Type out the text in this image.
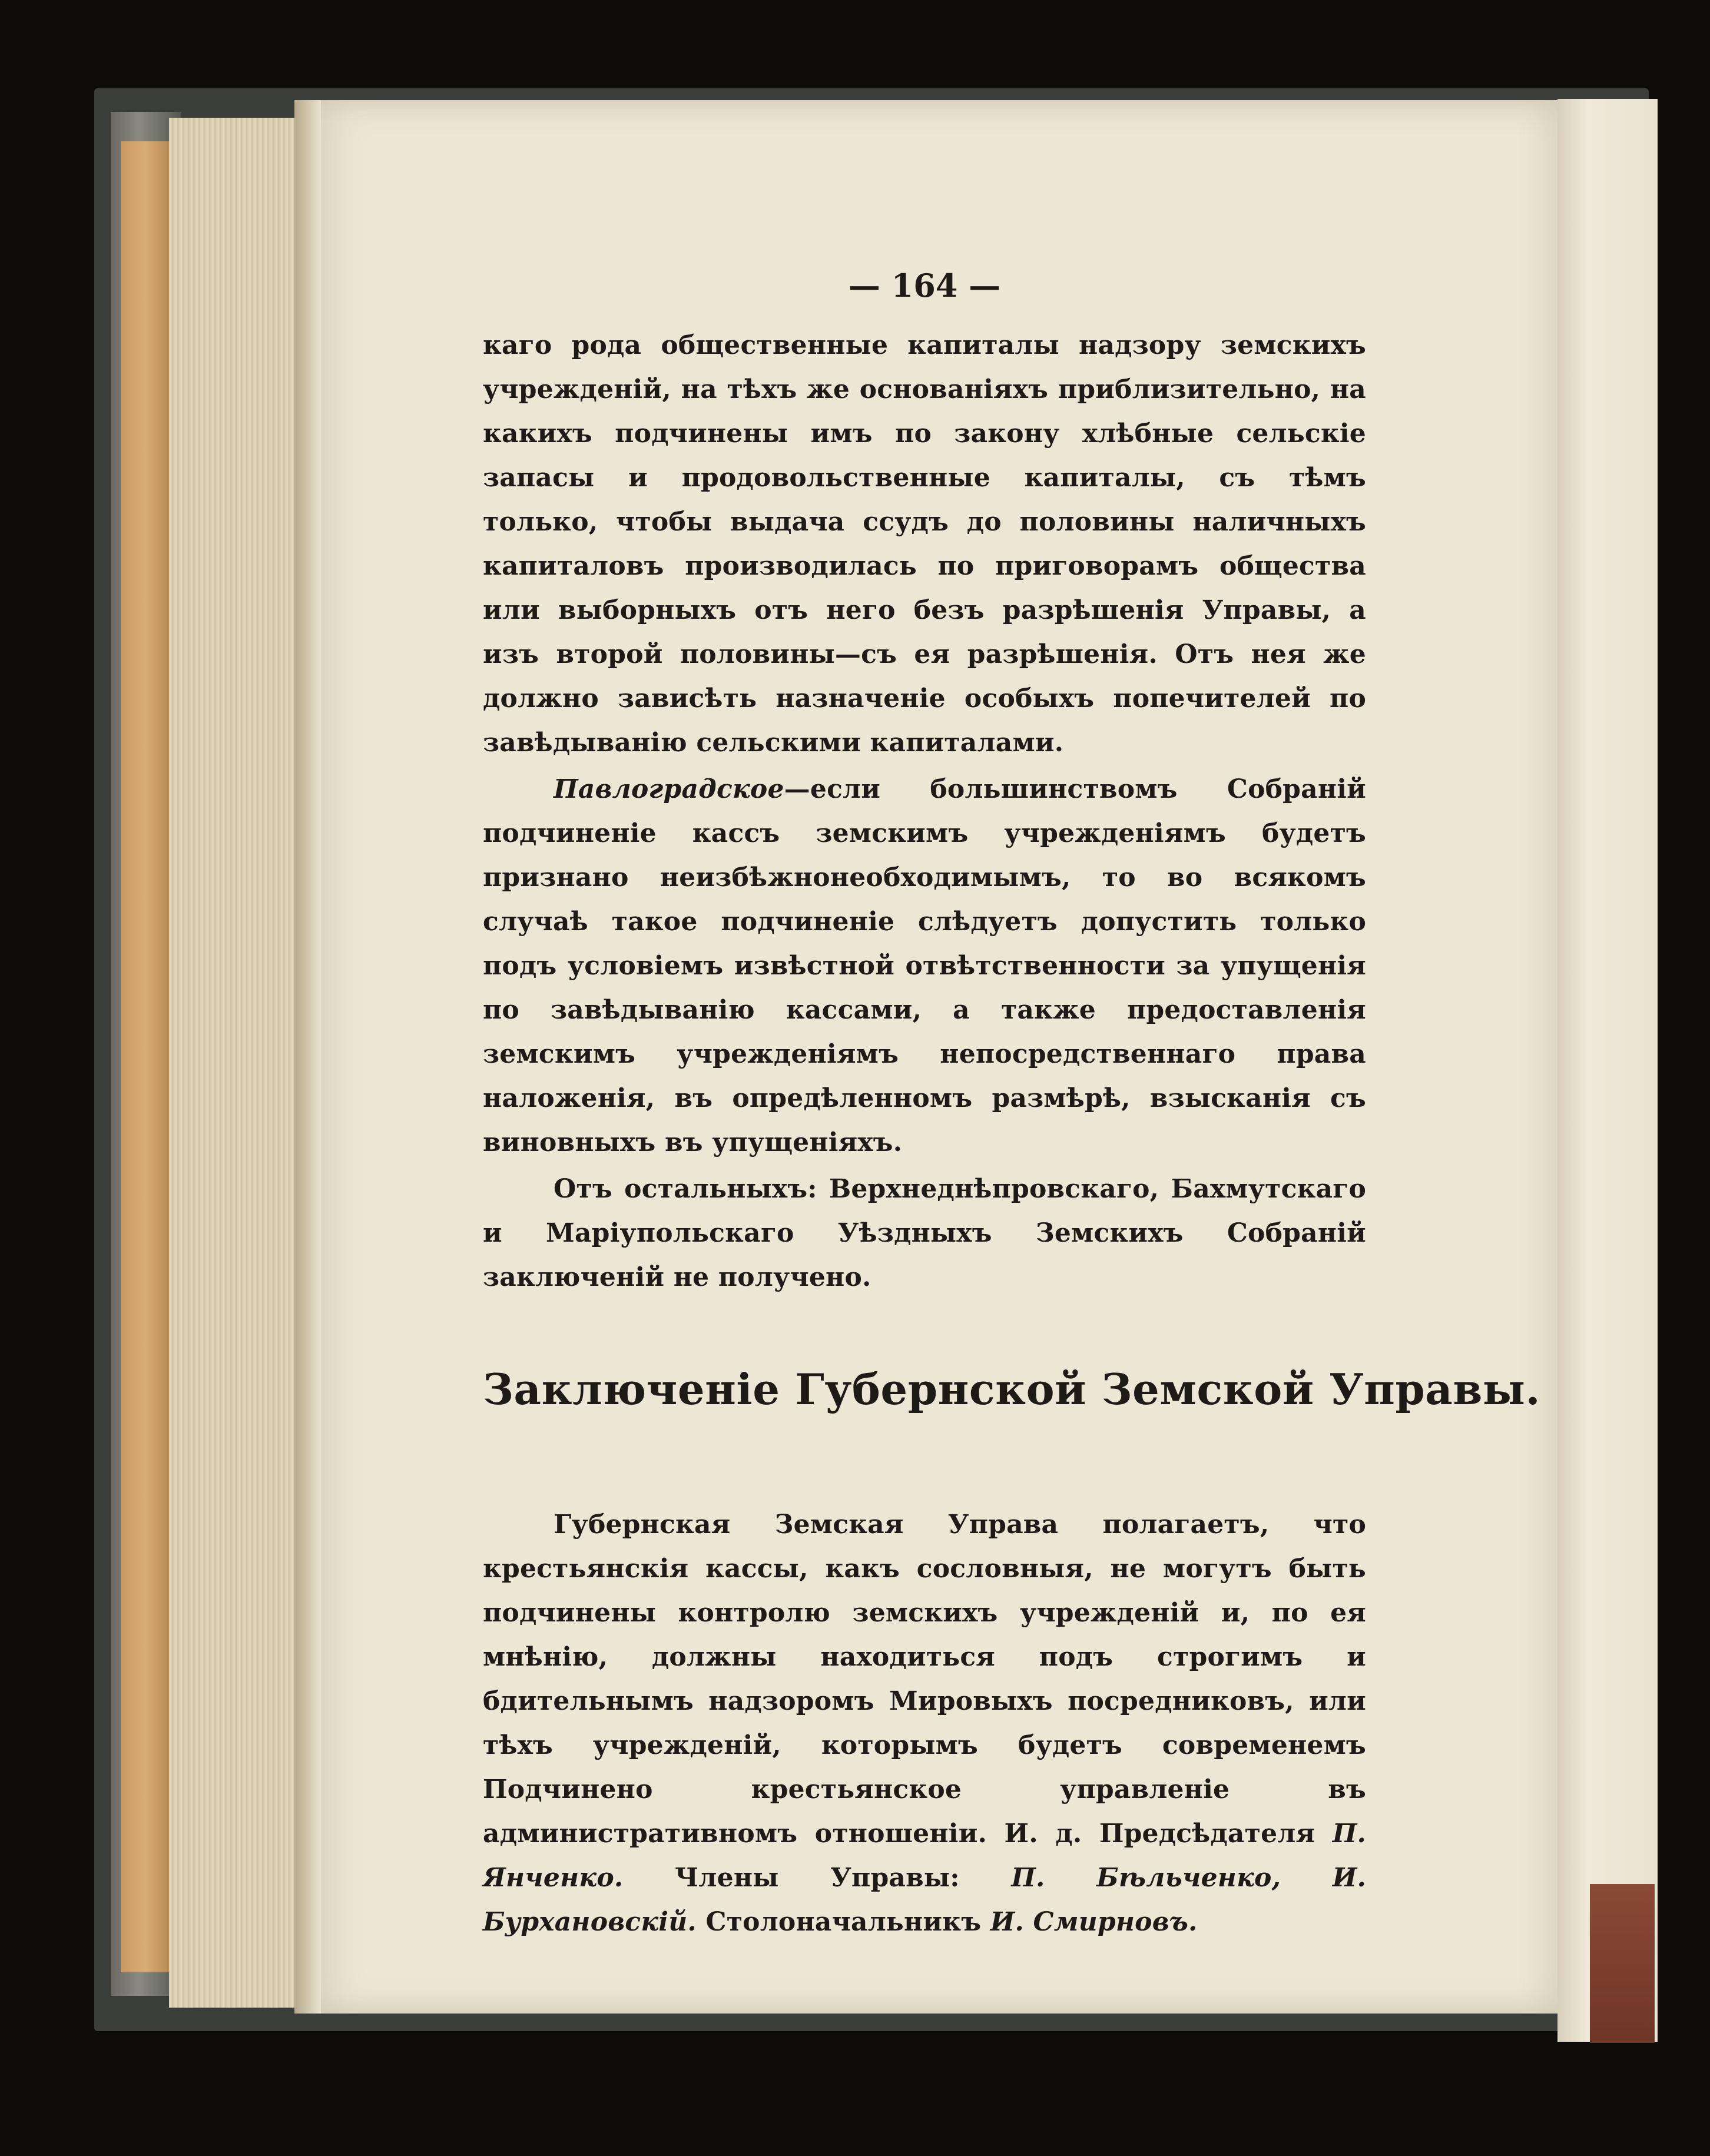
— 164 —

каго рода общественные капиталы надзору земскихъ учрежденій, на тѣхъ же основаніяхъ приблизительно, на какихъ подчинены имъ по закону хлѣбные сельскіе запасы и продовольственные капиталы, съ тѣмъ только, чтобы выдача ссудъ до половины наличныхъ капиталовъ производилась по приговорамъ общества или выборныхъ отъ него безъ разрѣшенія Управы, а изъ второй половины—съ ея разрѣшенія. Отъ нея же должно зависѣть назначеніе особыхъ попечителей по завѣдыванію сельскими капиталами.

Павлоградское—если большинствомъ Собраній подчиненіе кассъ земскимъ учрежденіямъ будетъ признано неизбѣжнонеобходимымъ, то во всякомъ случаѣ такое подчиненіе слѣдуетъ допустить только подъ условіемъ извѣстной отвѣтственности за упущенія по завѣдыванію кассами, а также предоставленія земскимъ учрежденіямъ непосредственнаго права наложенія, въ опредѣленномъ размѣрѣ, взысканія съ виновныхъ въ упущеніяхъ.

Отъ остальныхъ: Верхнеднѣпровскаго, Бахмутскаго и Маріупольскаго Уѣздныхъ Земскихъ Собраній заключеній не получено.

Заключеніе Губернской Земской Управы.

Губернская Земская Управа полагаетъ, что крестьянскія кассы, какъ сословныя, не могутъ быть подчинены контролю земскихъ учрежденій и, по ея мнѣнію, должны находиться подъ строгимъ и бдительнымъ надзоромъ Мировыхъ посредниковъ, или тѣхъ учрежденій, которымъ будетъ современемъ Подчинено крестьянское управленіе въ административномъ отношеніи. И. д. Предсѣдателя П. Янченко. Члены Управы: П. Бѣльченко, И. Бурхановскій. Столоначальникъ И. Смирновъ.
